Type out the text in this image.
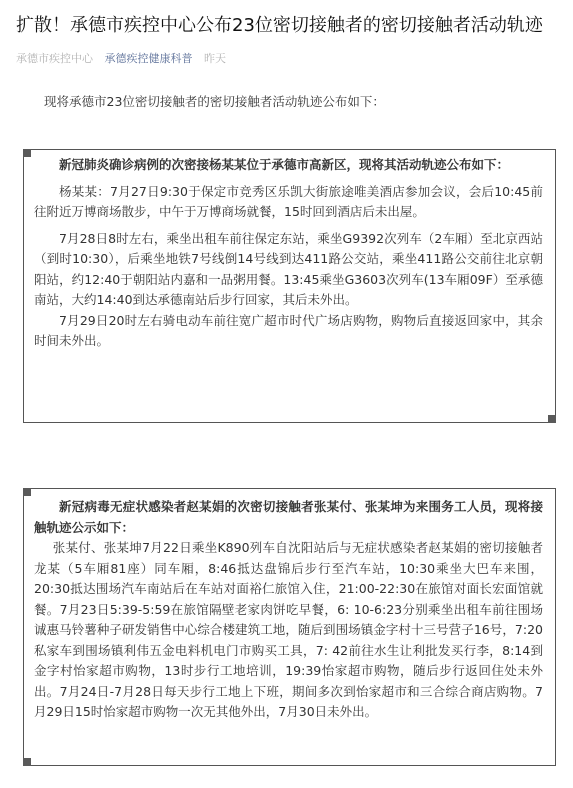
扩散！承德市疾控中心公布23位密切接触者的密切接触者活动轨迹
承德市疾控中心 承德疾控健康科普 昨天
现将承德市23位密切接触者的密切接触者活动轨迹公布如下：

新冠肺炎确诊病例的次密接杨某某位于承德市高新区，现将其活动轨迹公布如下：

杨某某：7月27日9:30于保定市竞秀区乐凯大街旅途唯美酒店参加会议，会后10:45前往附近万博商场散步，中午于万博商场就餐，15时回到酒店后未出屋。

7月28日8时左右，乘坐出租车前往保定东站，乘坐G9392次列车（2车厢）至北京西站（到时10:30），后乘坐地铁7号线倒14号线到达411路公交站，乘坐411路公交前往北京朝阳站，约12:40于朝阳站内嘉和一品粥用餐。13:45乘坐G3603次列车(13车厢09F）至承德南站，大约14:40到达承德南站后步行回家，其后未外出。

7月29日20时左右骑电动车前往宽广超市时代广场店购物，购物后直接返回家中，其余时间未外出。

新冠病毒无症状感染者赵某娟的次密切接触者张某付、张某坤为来围务工人员，现将接触轨迹公示如下：

张某付、张某坤7月22日乘坐K890列车自沈阳站后与无症状感染者赵某娟的密切接触者龙某（5车厢81座）同车厢，8:46抵达盘锦后步行至汽车站，10:30乘坐大巴车来围， 20:30抵达围场汽车南站后在车站对面裕仁旅馆入住，21:00-22:30在旅馆对面长宏面馆就餐。7月23日5:39-5:59在旅馆隔壁老家肉饼吃早餐，6: 10-6:23分别乘坐出租车前往围场诚惠马铃薯种子研发销售中心综合楼建筑工地，随后到围场镇金字村十三号营子16号，7:20私家车到围场镇利伟五金电料机电门市购买工具，7: 42前往水生让利批发买行李，8:14到金字村怡家超市购物，13时步行工地培训，19:39怡家超市购物，随后步行返回住处未外出。7月24日-7月28日每天步行工地上下班，期间多次到怡家超市和三合综合商店购物。7月29日15时怡家超市购物一次无其他外出，7月30日未外出。
